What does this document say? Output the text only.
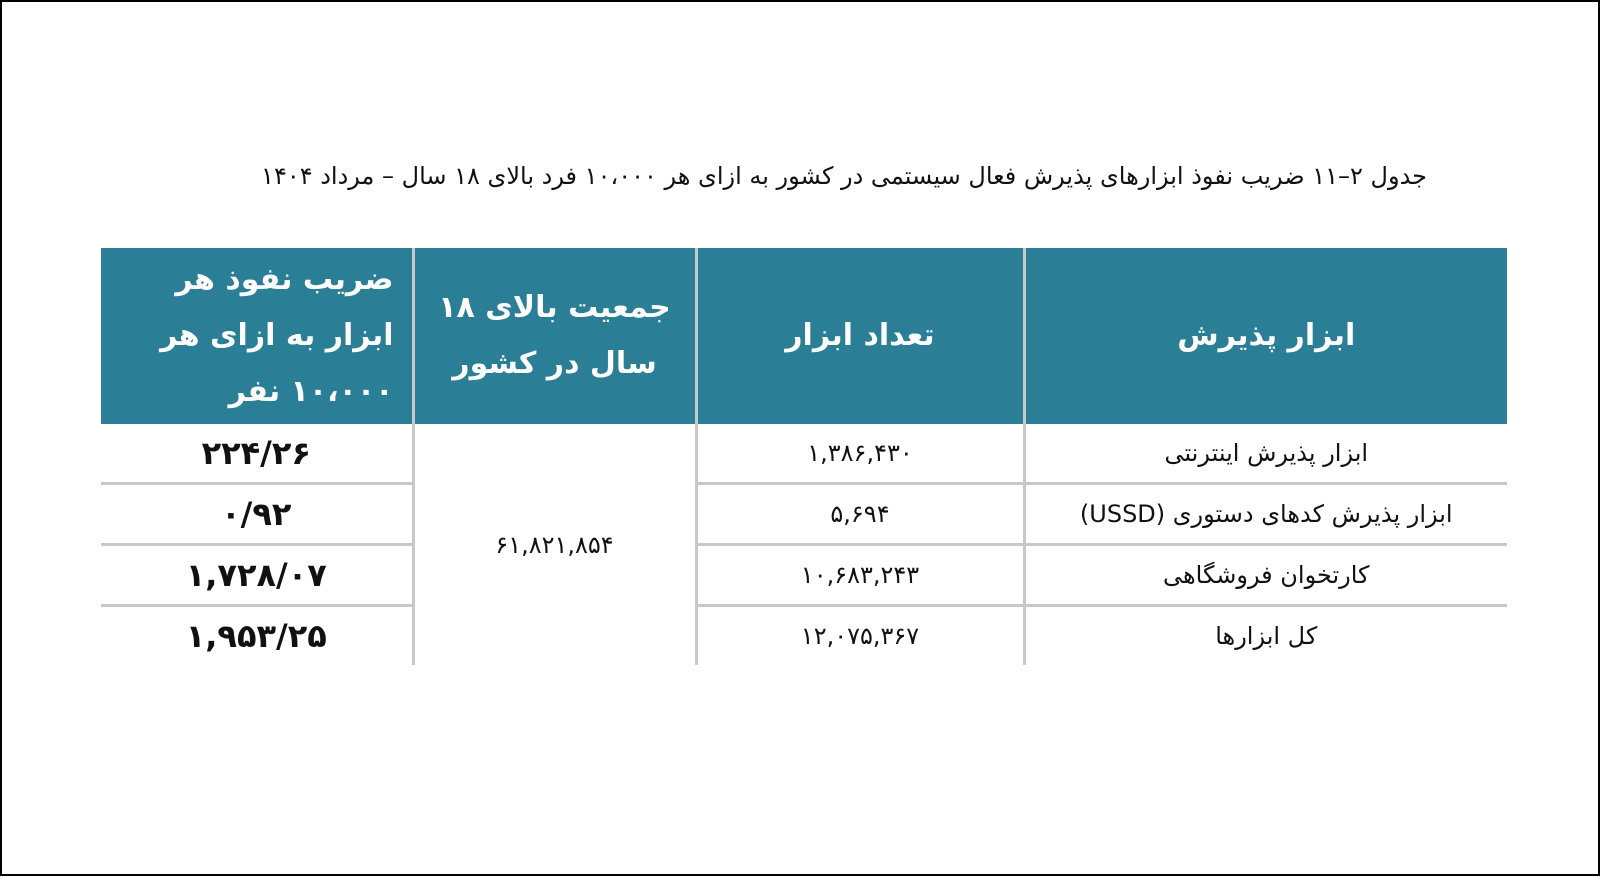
جدول ۲–۱۱ ضریب نفوذ ابزارهای پذیرش فعال سیستمی در کشور به ازای هر ۱۰،۰۰۰ فرد بالای ۱۸ سال – مرداد ۱۴۰۴
ضریب نفوذ هر ابزار به ازای هر ۱۰،۰۰۰ نفر	جمعیت بالای ۱۸ سال در کشور	تعداد ابزار	ابزار پذیرش
۲۲۴/۲۶	۶۱,۸۲۱,۸۵۴	۱,۳۸۶,۴۳۰	ابزار پذیرش اینترنتی
۰/۹۲		۵,۶۹۴	ابزار پذیرش کدهای دستوری (USSD)
۱,۷۲۸/۰۷		۱۰,۶۸۳,۲۴۳	کارتخوان فروشگاهی
۱,۹۵۳/۲۵		۱۲,۰۷۵,۳۶۷	کل ابزارها
